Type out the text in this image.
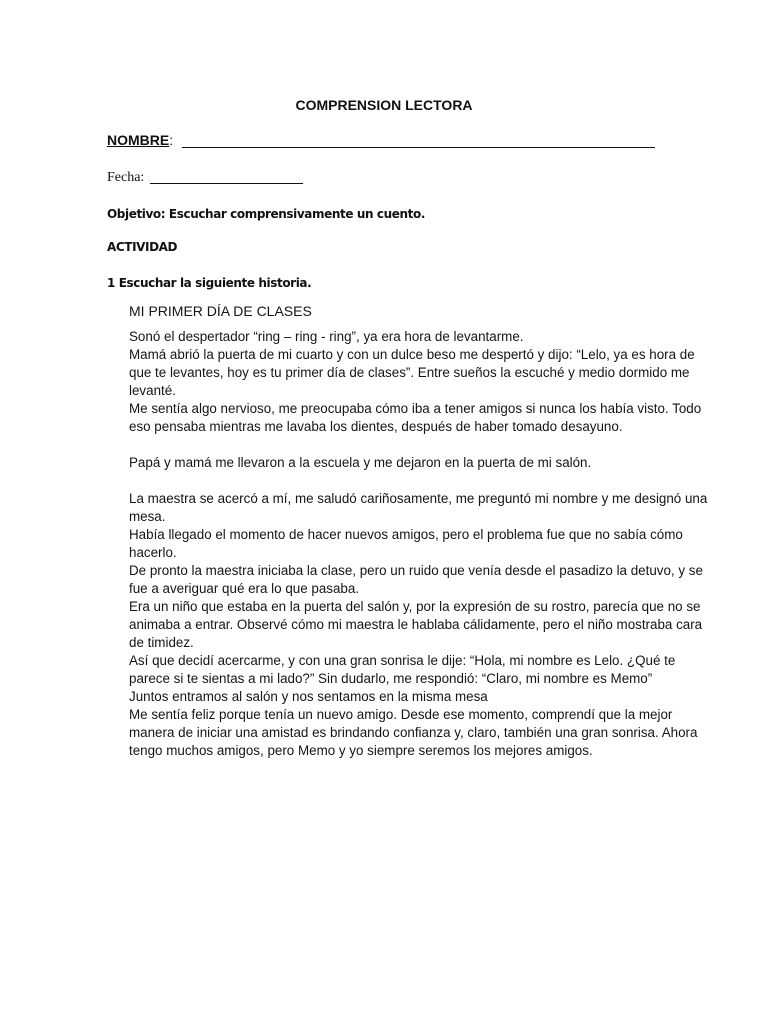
COMPRENSION LECTORA
NOMBRE:
Fecha:
Objetivo: Escuchar comprensivamente un cuento.
ACTIVIDAD
1 Escuchar la siguiente historia.
MI PRIMER DÍA DE CLASES

Sonó el despertador “ring – ring - ring”, ya era hora de levantarme.

Mamá abrió la puerta de mi cuarto y con un dulce beso me despertó y dijo: “Lelo, ya es hora de que te levantes, hoy es tu primer día de clases”. Entre sueños la escuché y medio dormido me levanté.

Me sentía algo nervioso, me preocupaba cómo iba a tener amigos si nunca los había visto. Todo eso pensaba mientras me lavaba los dientes, después de haber tomado desayuno.

Papá y mamá me llevaron a la escuela y me dejaron en la puerta de mi salón.

La maestra se acercó a mí, me saludó cariñosamente, me preguntó mi nombre y me designó una mesa.

Había llegado el momento de hacer nuevos amigos, pero el problema fue que no sabía cómo hacerlo.

De pronto la maestra iniciaba la clase, pero un ruido que venía desde el pasadizo la detuvo, y se fue a averiguar qué era lo que pasaba.

Era un niño que estaba en la puerta del salón y, por la expresión de su rostro, parecía que no se animaba a entrar. Observé cómo mi maestra le hablaba cálidamente, pero el niño mostraba cara de timidez.

Así que decidí acercarme, y con una gran sonrisa le dije: “Hola, mi nombre es Lelo. ¿Qué te parece si te sientas a mi lado?” Sin dudarlo, me respondió: “Claro, mi nombre es Memo”

Juntos entramos al salón y nos sentamos en la misma mesa

Me sentía feliz porque tenía un nuevo amigo. Desde ese momento, comprendí que la mejor manera de iniciar una amistad es brindando confianza y, claro, también una gran sonrisa. Ahora tengo muchos amigos, pero Memo y yo siempre seremos los mejores amigos.
